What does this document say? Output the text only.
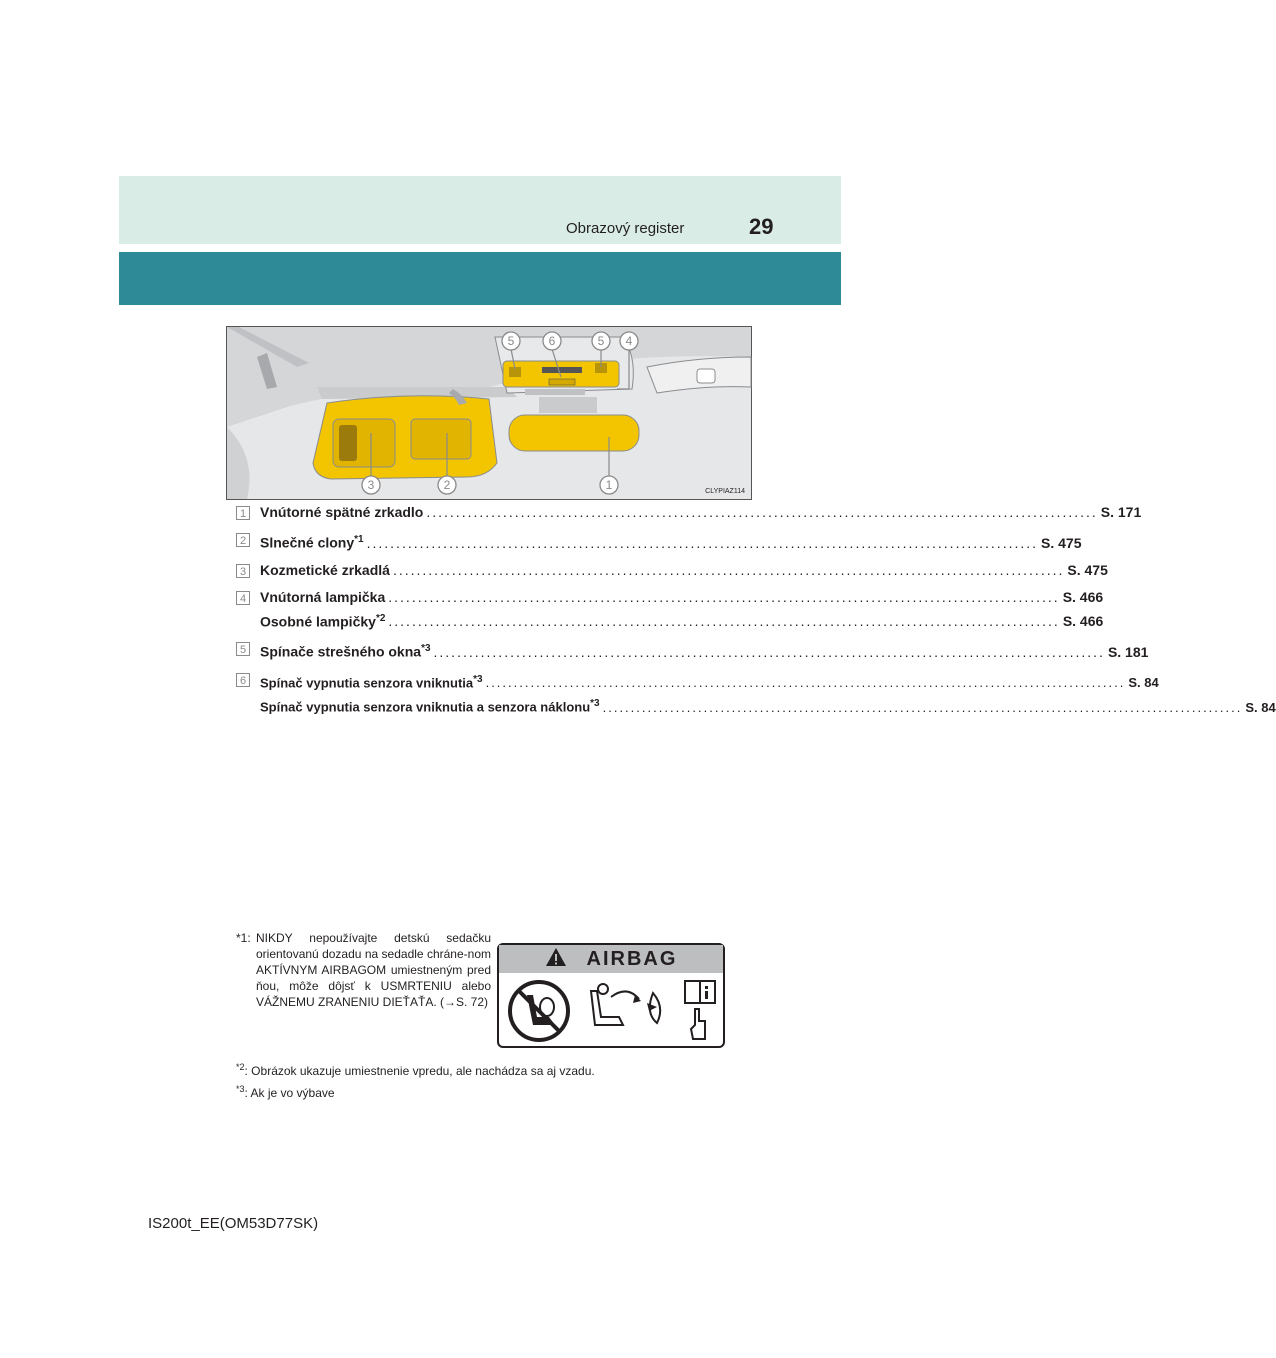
Obrazový register	29
5	6	5 4
3	2	1	CLYPIAZ114
1 Vnútorné spätné zrkadlo .................................................................................................................. S. 171
2 Slnečné clony$^{*1}$ .................................................................................................................. S. 475
3 Kozmetické zrkadlá .................................................................................................................. S. 475
4 Vnútorná lampička .................................................................................................................. S. 466
Osobné lampičky$^{*2}$ .................................................................................................................. S. 466
5 Spínače strešného okna$^{*3}$ .................................................................................................................. S. 181
6	Spínač vypnutia senzora vniknutia$^{*3}$ .................................................................................................................. S. 84
Spínač vypnutia senzora vniknutia a senzora náklonu$^{*3}$ .................................................................................................................. S. 84
*1: NIKDY nepoužívajte detskú sedačku orientovanú dozadu na sedadle chráne-nom AKTÍVNYM AIRBAGOM umiestneným pred ňou, môže dôjsť k USMRTENIU alebo VÁŽNEMU ZRANENIU DIEŤAŤA. (→S. 72)
$^{*2}$: Obrázok ukazuje umiestnenie vpredu, ale nachádza sa aj vzadu.
$^{*3}$: Ak je vo výbave
AIRBAG
IS200t_EE(OM53D77SK)
